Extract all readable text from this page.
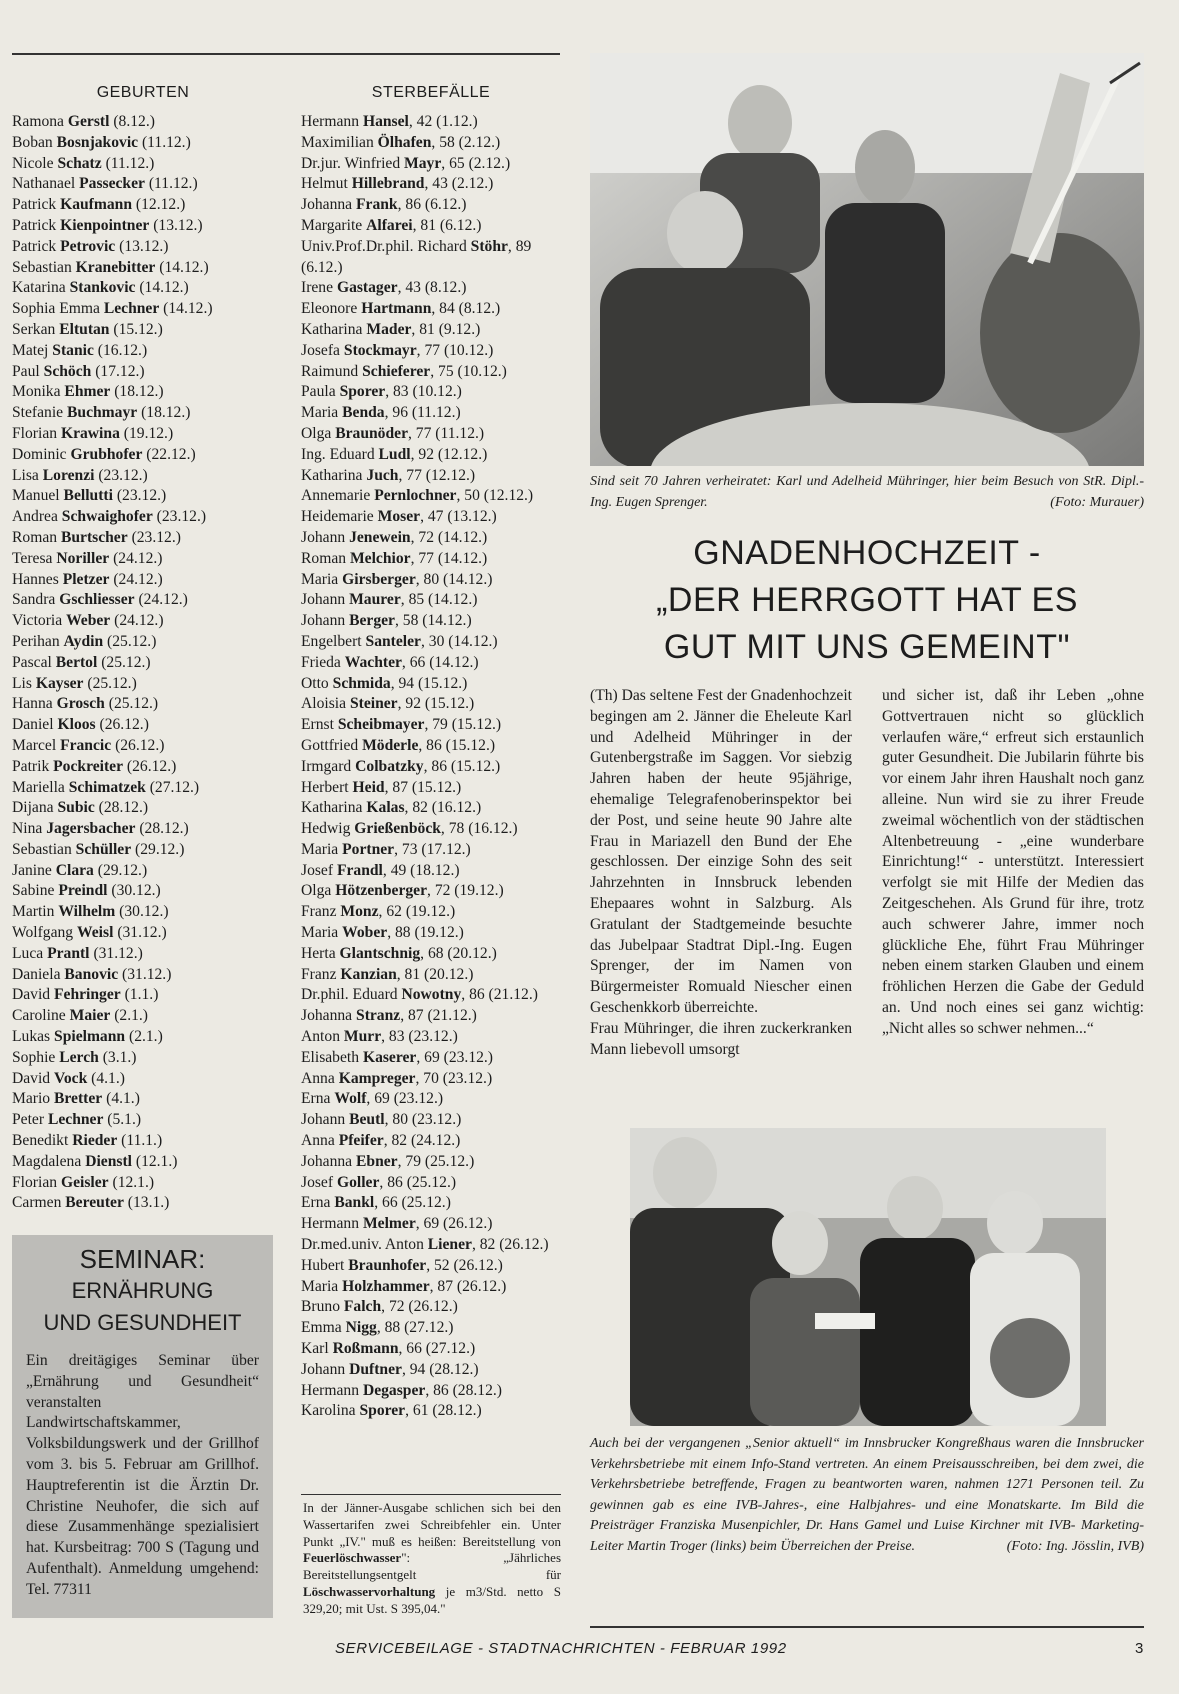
GEBURTEN
Ramona Gerstl (8.12.)
Boban Bosnjakovic (11.12.)
Nicole Schatz (11.12.)
Nathanael Passecker (11.12.)
Patrick Kaufmann (12.12.)
Patrick Kienpointner (13.12.)
Patrick Petrovic (13.12.)
Sebastian Kranebitter (14.12.)
Katarina Stankovic (14.12.)
Sophia Emma Lechner (14.12.)
Serkan Eltutan (15.12.)
Matej Stanic (16.12.)
Paul Schöch (17.12.)
Monika Ehmer (18.12.)
Stefanie Buchmayr (18.12.)
Florian Krawina (19.12.)
Dominic Grubhofer (22.12.)
Lisa Lorenzi (23.12.)
Manuel Bellutti (23.12.)
Andrea Schwaighofer (23.12.)
Roman Burtscher (23.12.)
Teresa Noriller (24.12.)
Hannes Pletzer (24.12.)
Sandra Gschliesser (24.12.)
Victoria Weber (24.12.)
Perihan Aydin (25.12.)
Pascal Bertol (25.12.)
Lis Kayser (25.12.)
Hanna Grosch (25.12.)
Daniel Kloos (26.12.)
Marcel Francic (26.12.)
Patrik Pockreiter (26.12.)
Mariella Schimatzek (27.12.)
Dijana Subic (28.12.)
Nina Jagersbacher (28.12.)
Sebastian Schüller (29.12.)
Janine Clara (29.12.)
Sabine Preindl (30.12.)
Martin Wilhelm (30.12.)
Wolfgang Weisl (31.12.)
Luca Prantl (31.12.)
Daniela Banovic (31.12.)
David Fehringer (1.1.)
Caroline Maier (2.1.)
Lukas Spielmann (2.1.)
Sophie Lerch (3.1.)
David Vock (4.1.)
Mario Bretter (4.1.)
Peter Lechner (5.1.)
Benedikt Rieder (11.1.)
Magdalena Dienstl (12.1.)
Florian Geisler (12.1.)
Carmen Bereuter (13.1.)
STERBEFÄLLE
Hermann Hansel, 42 (1.12.)
Maximilian Ölhafen, 58 (2.12.)
Dr.jur. Winfried Mayr, 65 (2.12.)
Helmut Hillebrand, 43 (2.12.)
Johanna Frank, 86 (6.12.)
Margarite Alfarei, 81 (6.12.)
Univ.Prof.Dr.phil. Richard Stöhr, 89 (6.12.)
Irene Gastager, 43 (8.12.)
Eleonore Hartmann, 84 (8.12.)
Katharina Mader, 81 (9.12.)
Josefa Stockmayr, 77 (10.12.)
Raimund Schieferer, 75 (10.12.)
Paula Sporer, 83 (10.12.)
Maria Benda, 96 (11.12.)
Olga Braunöder, 77 (11.12.)
Ing. Eduard Ludl, 92 (12.12.)
Katharina Juch, 77 (12.12.)
Annemarie Pernlochner, 50 (12.12.)
Heidemarie Moser, 47 (13.12.)
Johann Jenewein, 72 (14.12.)
Roman Melchior, 77 (14.12.)
Maria Girsberger, 80 (14.12.)
Johann Maurer, 85 (14.12.)
Johann Berger, 58 (14.12.)
Engelbert Santeler, 30 (14.12.)
Frieda Wachter, 66 (14.12.)
Otto Schmida, 94 (15.12.)
Aloisia Steiner, 92 (15.12.)
Ernst Scheibmayer, 79 (15.12.)
Gottfried Möderle, 86 (15.12.)
Irmgard Colbatzky, 86 (15.12.)
Herbert Heid, 87 (15.12.)
Katharina Kalas, 82 (16.12.)
Hedwig Grießenböck, 78 (16.12.)
Maria Portner, 73 (17.12.)
Josef Frandl, 49 (18.12.)
Olga Hötzenberger, 72 (19.12.)
Franz Monz, 62 (19.12.)
Maria Wober, 88 (19.12.)
Herta Glantschnig, 68 (20.12.)
Franz Kanzian, 81 (20.12.)
Dr.phil. Eduard Nowotny, 86 (21.12.)
Johanna Stranz, 87 (21.12.)
Anton Murr, 83 (23.12.)
Elisabeth Kaserer, 69 (23.12.)
Anna Kampreger, 70 (23.12.)
Erna Wolf, 69 (23.12.)
Johann Beutl, 80 (23.12.)
Anna Pfeifer, 82 (24.12.)
Johanna Ebner, 79 (25.12.)
Josef Goller, 86 (25.12.)
Erna Bankl, 66 (25.12.)
Hermann Melmer, 69 (26.12.)
Dr.med.univ. Anton Liener, 82 (26.12.)
Hubert Braunhofer, 52 (26.12.)
Maria Holzhammer, 87 (26.12.)
Bruno Falch, 72 (26.12.)
Emma Nigg, 88 (27.12.)
Karl Roßmann, 66 (27.12.)
Johann Duftner, 94 (28.12.)
Hermann Degasper, 86 (28.12.)
Karolina Sporer, 61 (28.12.)
SEMINAR:
ERNÄHRUNG
UND GESUNDHEIT
Ein dreitägiges Seminar über „Ernährung und Gesundheit“ veranstalten Landwirtschaftskammer, Volksbildungswerk und der Grillhof vom 3. bis 5. Februar am Grillhof. Hauptreferentin ist die Ärztin Dr. Christine Neuhofer, die sich auf diese Zusammenhänge spezialisiert hat. Kursbeitrag: 700 S (Tagung und Aufenthalt). Anmeldung umgehend: Tel. 77311
In der Jänner-Ausgabe schlichen sich bei den Wassertarifen zwei Schreibfehler ein. Unter Punkt „IV." muß es heißen: Bereitstellung von Feuerlöschwasser": „Jährliches Bereitstellungsentgelt für Löschwasservorhaltung je m3/Std. netto S 329,20; mit Ust. S 395,04."
Sind seit 70 Jahren verheiratet: Karl und Adelheid Mühringer, hier beim Besuch von StR. Dipl.-Ing. Eugen Sprenger.	(Foto: Murauer)
GNADENHOCHZEIT -
„DER HERRGOTT HAT ES
GUT MIT UNS GEMEINT"
(Th) Das seltene Fest der Gnadenhochzeit begingen am 2. Jänner die Eheleute Karl und Adelheid Mühringer in der Gutenbergstraße im Saggen. Vor siebzig Jahren haben der heute 95jährige, ehemalige Telegrafenoberinspektor bei der Post, und seine heute 90 Jahre alte Frau in Mariazell den Bund der Ehe geschlossen. Der einzige Sohn des seit Jahrzehnten in Innsbruck lebenden Ehepaares wohnt in Salzburg. Als Gratulant der Stadtgemeinde besuchte das Jubelpaar Stadtrat Dipl.-Ing. Eugen Sprenger, der im Namen von Bürgermeister Romuald Niescher einen Geschenkkorb überreichte.
Frau Mühringer, die ihren zuckerkranken Mann liebevoll umsorgt
und sicher ist, daß ihr Leben „ohne Gottvertrauen nicht so glücklich verlaufen wäre,“ erfreut sich erstaunlich guter Gesundheit. Die Jubilarin führte bis vor einem Jahr ihren Haushalt noch ganz alleine. Nun wird sie zu ihrer Freude zweimal wöchentlich von der städtischen Altenbetreuung - „eine wunderbare Einrichtung!“ - unterstützt. Interessiert verfolgt sie mit Hilfe der Medien das Zeitgeschehen. Als Grund für ihre, trotz auch schwerer Jahre, immer noch glückliche Ehe, führt Frau Mühringer neben einem starken Glauben und einem fröhlichen Herzen die Gabe der Geduld an. Und noch eines sei ganz wichtig: „Nicht alles so schwer nehmen...“
Auch bei der vergangenen „Senior aktuell“ im Innsbrucker Kongreßhaus waren die Innsbrucker Verkehrsbetriebe mit einem Info-Stand vertreten. An einem Preisausschreiben, bei dem zwei, die Verkehrsbetriebe betreffende, Fragen zu beantworten waren, nahmen 1271 Personen teil. Zu gewinnen gab es eine IVB-Jahres-, eine Halbjahres- und eine Monatskarte. Im Bild die Preisträger Franziska Musenpichler, Dr. Hans Gamel und Luise Kirchner mit IVB- Marketing-Leiter Martin Troger (links) beim Überreichen der Preise.	(Foto: Ing. Jösslin, IVB)
SERVICEBEILAGE - STADTNACHRICHTEN - FEBRUAR 1992	3
